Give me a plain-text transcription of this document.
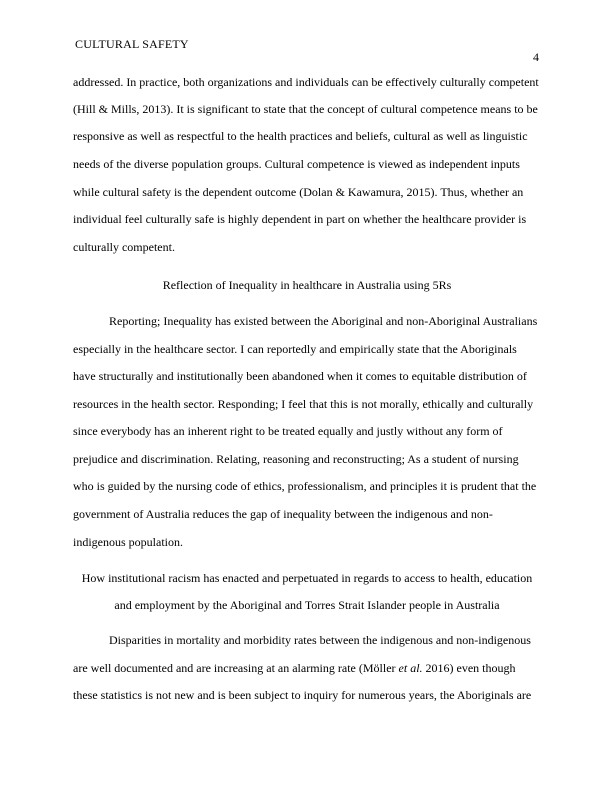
CULTURAL SAFETY
4
addressed. In practice, both organizations and individuals can be effectively culturally competent
(Hill & Mills, 2013). It is significant to state that the concept of cultural competence means to be
responsive as well as respectful to the health practices and beliefs, cultural as well as linguistic
needs of the diverse population groups. Cultural competence is viewed as independent inputs
while cultural safety is the dependent outcome (Dolan & Kawamura, 2015). Thus, whether an
individual feel culturally safe is highly dependent in part on whether the healthcare provider is
culturally competent.
Reflection of Inequality in healthcare in Australia using 5Rs
Reporting; Inequality has existed between the Aboriginal and non-Aboriginal Australians
especially in the healthcare sector. I can reportedly and empirically state that the Aboriginals
have structurally and institutionally been abandoned when it comes to equitable distribution of
resources in the health sector. Responding; I feel that this is not morally, ethically and culturally
since everybody has an inherent right to be treated equally and justly without any form of
prejudice and discrimination. Relating, reasoning and reconstructing; As a student of nursing
who is guided by the nursing code of ethics, professionalism, and principles it is prudent that the
government of Australia reduces the gap of inequality between the indigenous and non-
indigenous population.
How institutional racism has enacted and perpetuated in regards to access to health, education
and employment by the Aboriginal and Torres Strait Islander people in Australia
Disparities in mortality and morbidity rates between the indigenous and non-indigenous
are well documented and are increasing at an alarming rate (Möller et al. 2016) even though
these statistics is not new and is been subject to inquiry for numerous years, the Aboriginals are
